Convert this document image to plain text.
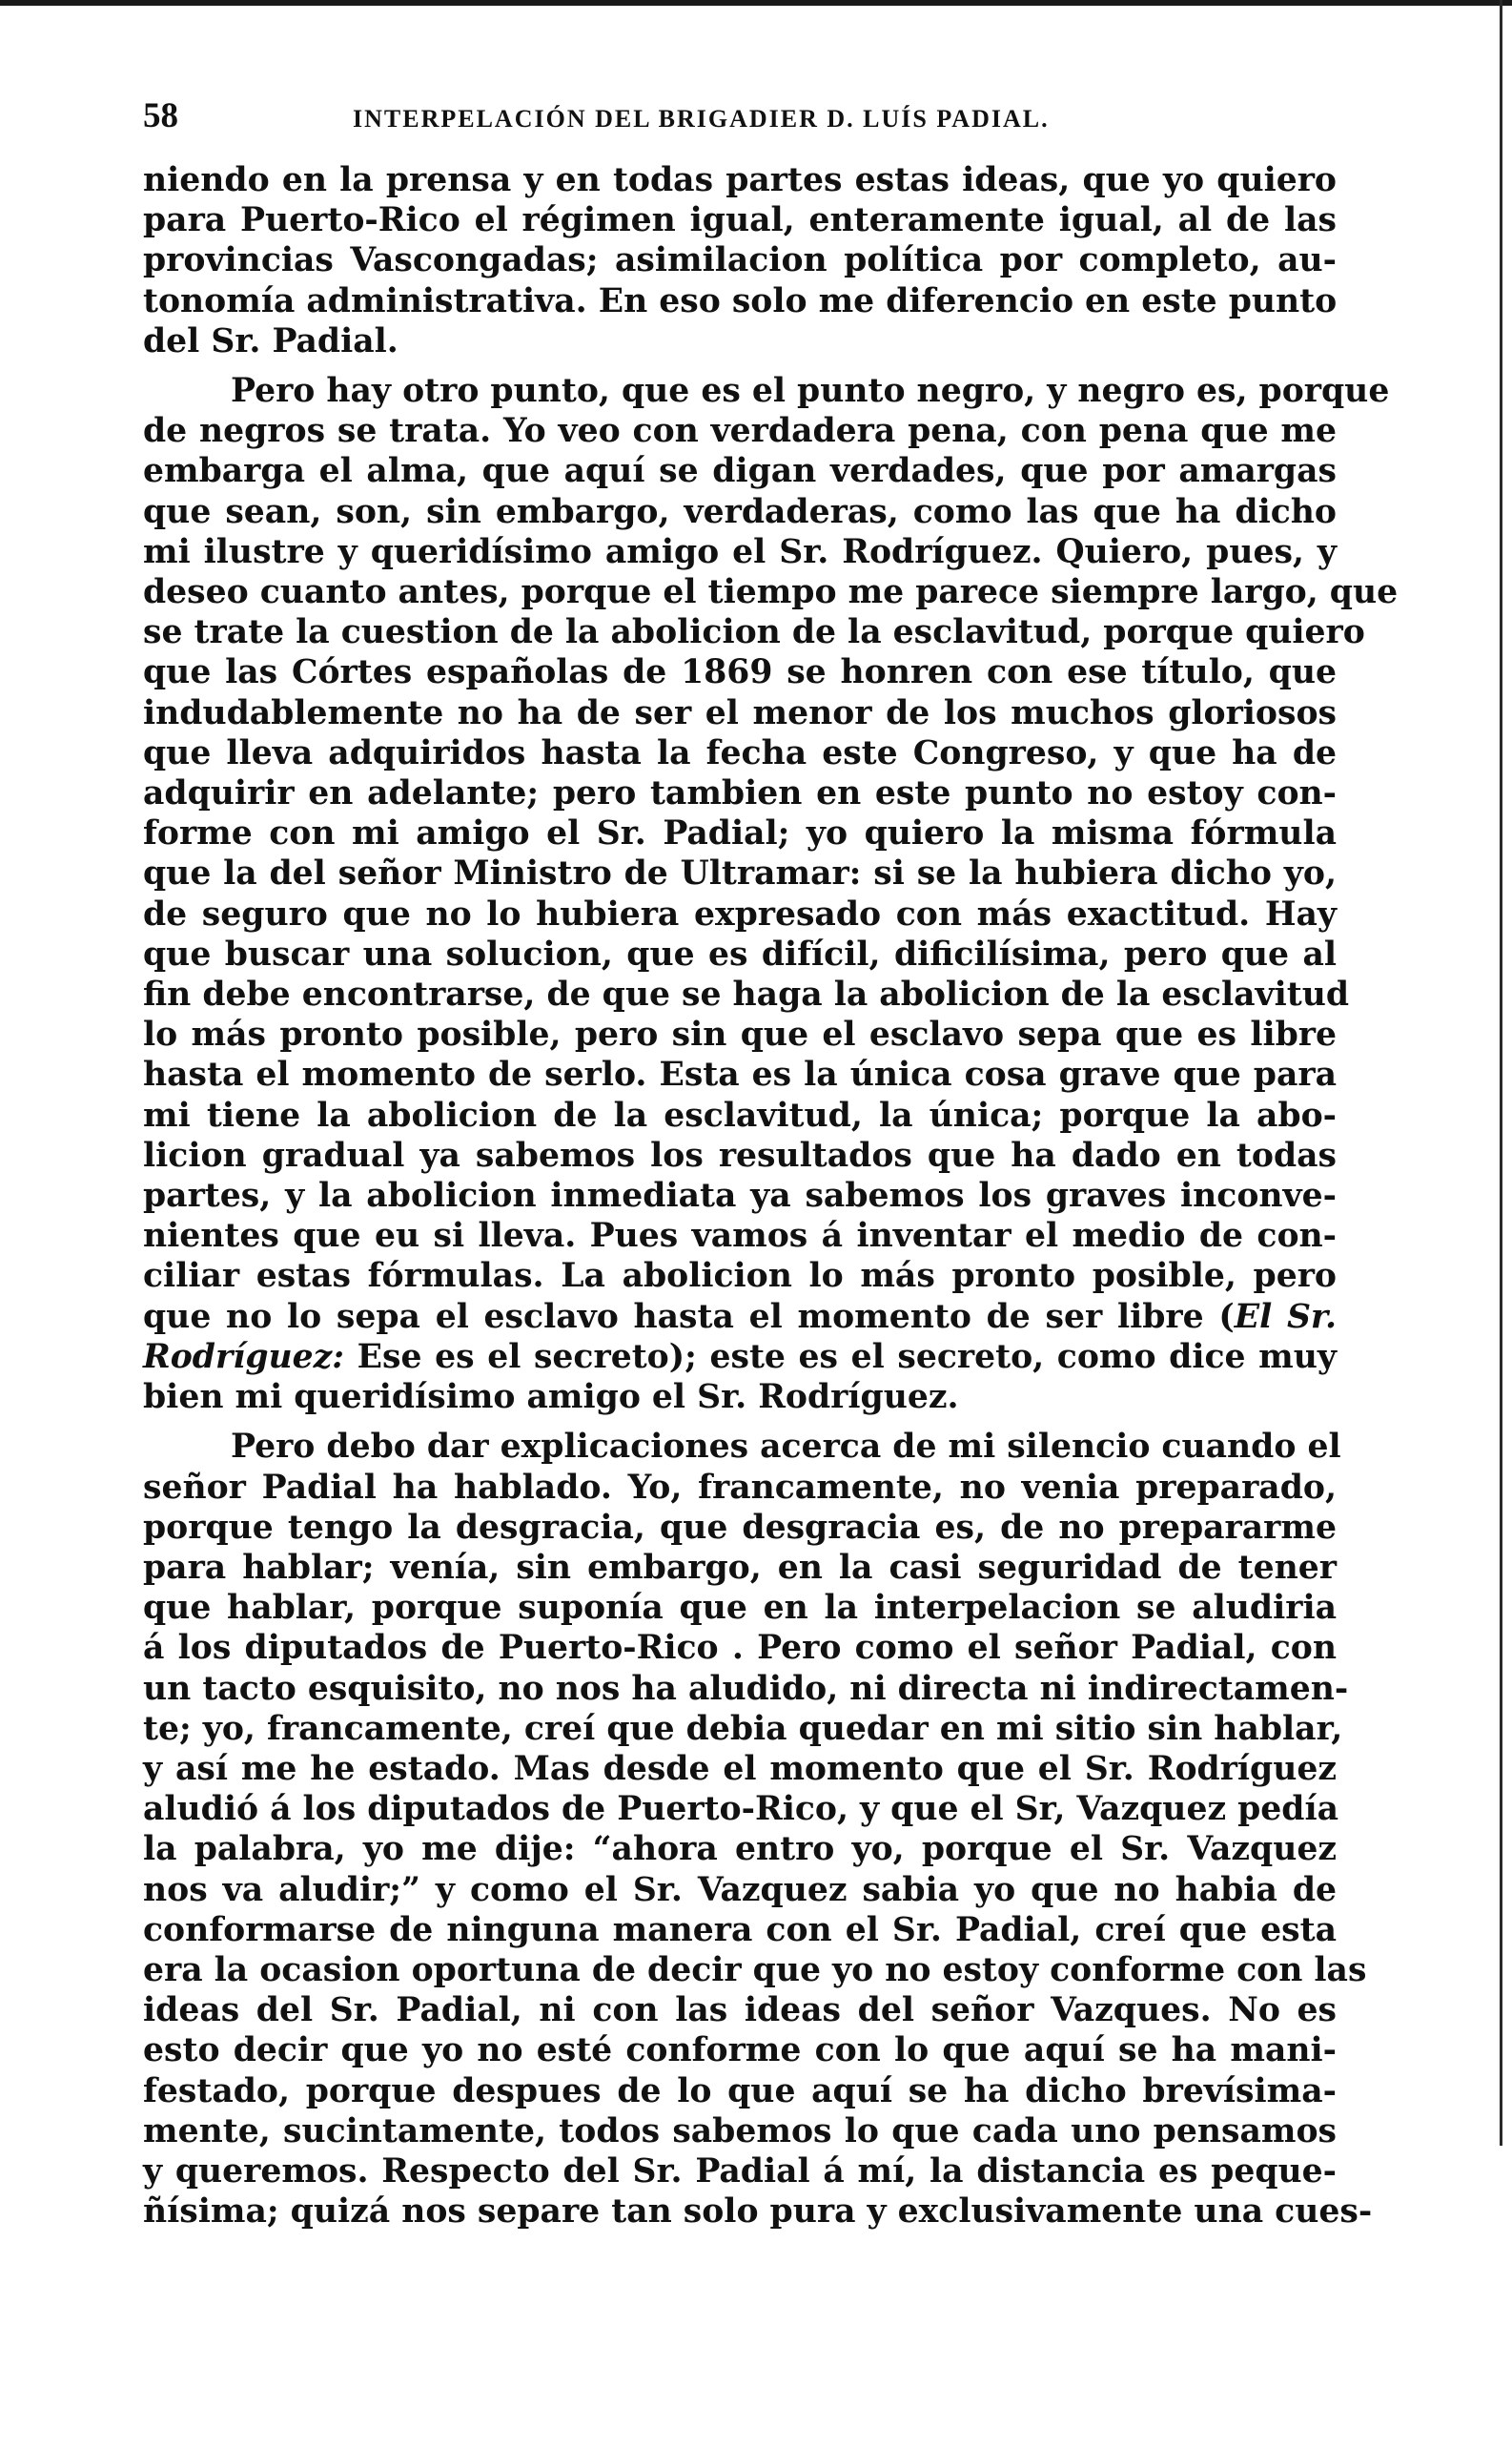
58	INTERPELACIÓN DEL BRIGADIER D. LUÍS PADIAL.
niendo en la prensa y en todas partes estas ideas, que yo quiero
para Puerto-Rico el régimen igual, enteramente igual, al de las
provincias Vascongadas; asimilacion política por completo, au-
tonomía administrativa. En eso solo me diferencio en este punto
del Sr. Padial.
Pero hay otro punto, que es el punto negro, y negro es, porque
de negros se trata. Yo veo con verdadera pena, con pena que me
embarga el alma, que aquí se digan verdades, que por amargas
que sean, son, sin embargo, verdaderas, como las que ha dicho
mi ilustre y queridísimo amigo el Sr. Rodríguez. Quiero, pues, y
deseo cuanto antes, porque el tiempo me parece siempre largo, que
se trate la cuestion de la abolicion de la esclavitud, porque quiero
que las Córtes españolas de 1869 se honren con ese título, que
indudablemente no ha de ser el menor de los muchos gloriosos
que lleva adquiridos hasta la fecha este Congreso, y que ha de
adquirir en adelante; pero tambien en este punto no estoy con-
forme con mi amigo el Sr. Padial; yo quiero la misma fórmula
que la del señor Ministro de Ultramar: si se la hubiera dicho yo,
de seguro que no lo hubiera expresado con más exactitud. Hay
que buscar una solucion, que es difícil, dificilísima, pero que al
fin debe encontrarse, de que se haga la abolicion de la esclavitud
lo más pronto posible, pero sin que el esclavo sepa que es libre
hasta el momento de serlo. Esta es la única cosa grave que para
mi tiene la abolicion de la esclavitud, la única; porque la abo-
licion gradual ya sabemos los resultados que ha dado en todas
partes, y la abolicion inmediata ya sabemos los graves inconve-
nientes que eu si lleva. Pues vamos á inventar el medio de con-
ciliar estas fórmulas. La abolicion lo más pronto posible, pero
que no lo sepa el esclavo hasta el momento de ser libre (El Sr.
Rodríguez: Ese es el secreto); este es el secreto, como dice muy
bien mi queridísimo amigo el Sr. Rodríguez.
Pero debo dar explicaciones acerca de mi silencio cuando el
señor Padial ha hablado. Yo, francamente, no venia preparado,
porque tengo la desgracia, que desgracia es, de no prepararme
para hablar; venía, sin embargo, en la casi seguridad de tener
que hablar, porque suponía que en la interpelacion se aludiria
á los diputados de Puerto-Rico . Pero como el señor Padial, con
un tacto esquisito, no nos ha aludido, ni directa ni indirectamen-
te; yo, francamente, creí que debia quedar en mi sitio sin hablar,
y así me he estado. Mas desde el momento que el Sr. Rodríguez
aludió á los diputados de Puerto-Rico, y que el Sr, Vazquez pedía
la palabra, yo me dije: “ahora entro yo, porque el Sr. Vazquez
nos va aludir;” y como el Sr. Vazquez sabia yo que no habia de
conformarse de ninguna manera con el Sr. Padial, creí que esta
era la ocasion oportuna de decir que yo no estoy conforme con las
ideas del Sr. Padial, ni con las ideas del señor Vazques. No es
esto decir que yo no esté conforme con lo que aquí se ha mani-
festado, porque despues de lo que aquí se ha dicho brevísima-
mente, sucintamente, todos sabemos lo que cada uno pensamos
y queremos. Respecto del Sr. Padial á mí, la distancia es peque-
ñísima; quizá nos separe tan solo pura y exclusivamente una cues-
